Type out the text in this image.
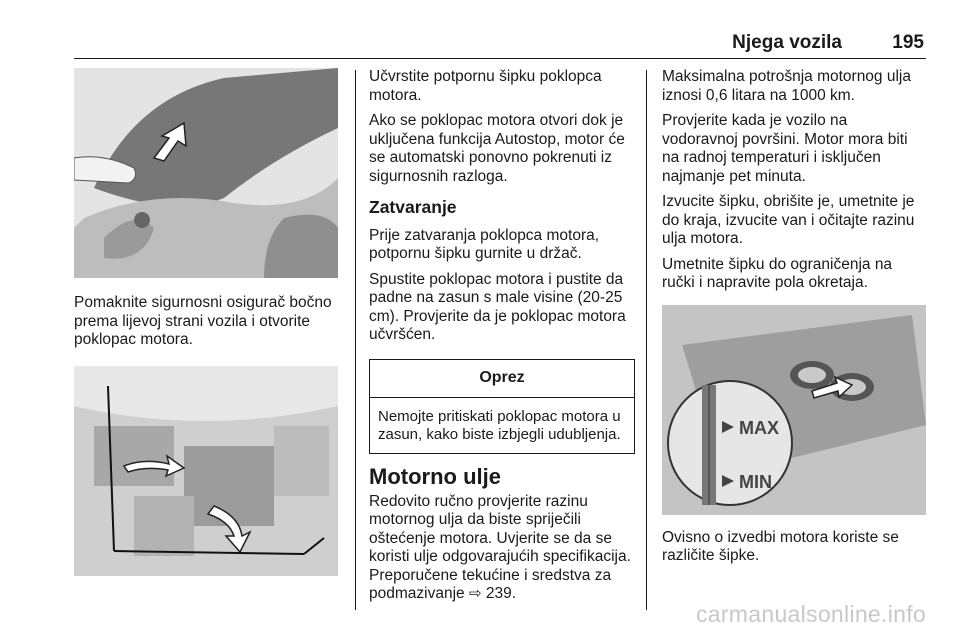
Njega vozila	195

Pomaknite sigurnosni osigurač bočno prema lijevoj strani vozila i otvorite poklopac motora.

Učvrstite potpornu šipku poklopca motora.

Ako se poklopac motora otvori dok je uključena funkcija Autostop, motor će se automatski ponovno pokrenuti iz sigurnosnih razloga.

Zatvaranje

Prije zatvaranja poklopca motora, potpornu šipku gurnite u držač.

Spustite poklopac motora i pustite da padne na zasun s male visine (20-25 cm). Provjerite da je poklopac motora učvršćen.

Oprez
Nemojte pritiskati poklopac motora u zasun, kako biste izbjegli udubljenja.
Motorno ulje

Redovito ručno provjerite razinu motornog ulja da biste spriječili oštećenje motora. Uvjerite se da se koristi ulje odgovarajućih specifikacija. Preporučene tekućine i sredstva za podmazivanje ⇨ 239.

Maksimalna potrošnja motornog ulja iznosi 0,6 litara na 1000 km.

Provjerite kada je vozilo na vodoravnoj površini. Motor mora biti na radnoj temperaturi i isključen najmanje pet minuta.

Izvucite šipku, obrišite je, umetnite je do kraja, izvucite van i očitajte razinu ulja motora.

Umetnite šipku do ograničenja na ručki i napravite pola okretaja.

MAX
MIN

Ovisno o izvedbi motora koriste se različite šipke.

carmanualsonline.info
